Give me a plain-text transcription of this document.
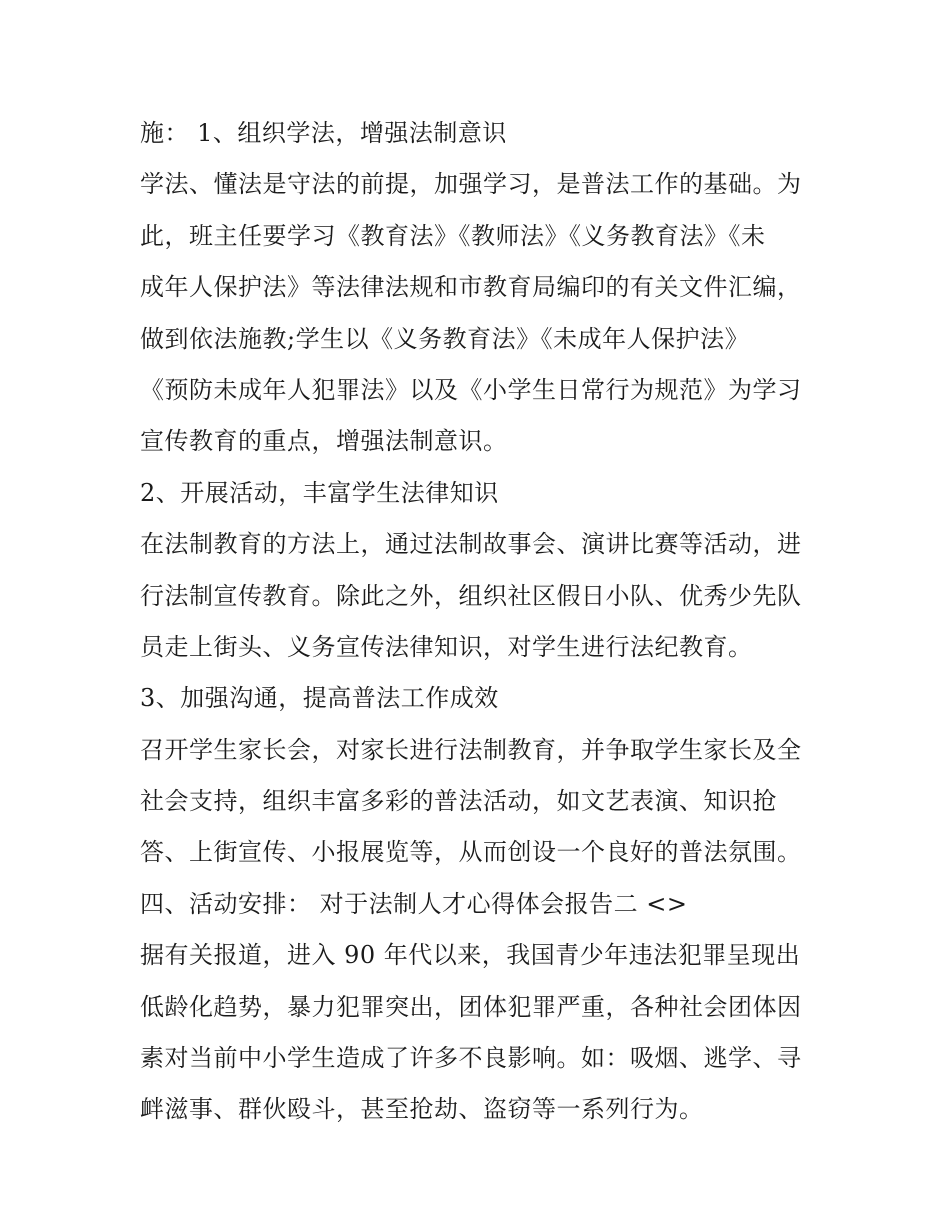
施： 1、组织学法，增强法制意识
学法、懂法是守法的前提，加强学习，是普法工作的基础。为
此，班主任要学习《教育法》《教师法》《义务教育法》《未
成年人保护法》等法律法规和市教育局编印的有关文件汇编，
做到依法施教;学生以《义务教育法》《未成年人保护法》
《预防未成年人犯罪法》以及《小学生日常行为规范》为学习
宣传教育的重点，增强法制意识。
2、开展活动，丰富学生法律知识
在法制教育的方法上，通过法制故事会、演讲比赛等活动，进
行法制宣传教育。除此之外，组织社区假日小队、优秀少先队
员走上街头、义务宣传法律知识，对学生进行法纪教育。
3、加强沟通，提高普法工作成效
召开学生家长会，对家长进行法制教育，并争取学生家长及全
社会支持，组织丰富多彩的普法活动，如文艺表演、知识抢
答、上街宣传、小报展览等，从而创设一个良好的普法氛围。
四、活动安排： 对于法制人才心得体会报告二 <>
据有关报道，进入 90 年代以来，我国青少年违法犯罪呈现出
低龄化趋势，暴力犯罪突出，团体犯罪严重，各种社会团体因
素对当前中小学生造成了许多不良影响。如：吸烟、逃学、寻
衅滋事、群伙殴斗，甚至抢劫、盗窃等一系列行为。
